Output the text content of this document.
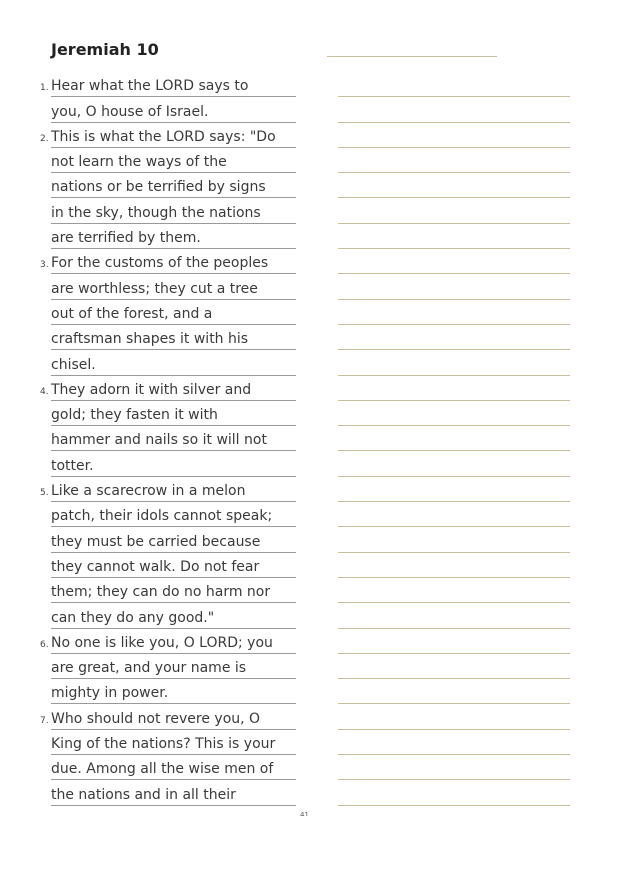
Jeremiah 10
1. Hear what the LORD says to
you, O house of Israel.
2. This is what the LORD says: "Do
not learn the ways of the
nations or be terrified by signs
in the sky, though the nations
are terrified by them.
3. For the customs of the peoples
are worthless; they cut a tree
out of the forest, and a
craftsman shapes it with his
chisel.
4. They adorn it with silver and
gold; they fasten it with
hammer and nails so it will not
totter.
5. Like a scarecrow in a melon
patch, their idols cannot speak;
they must be carried because
they cannot walk. Do not fear
them; they can do no harm nor
can they do any good."
6. No one is like you, O LORD; you
are great, and your name is
mighty in power.
7. Who should not revere you, O
King of the nations? This is your
due. Among all the wise men of
the nations and in all their
41
